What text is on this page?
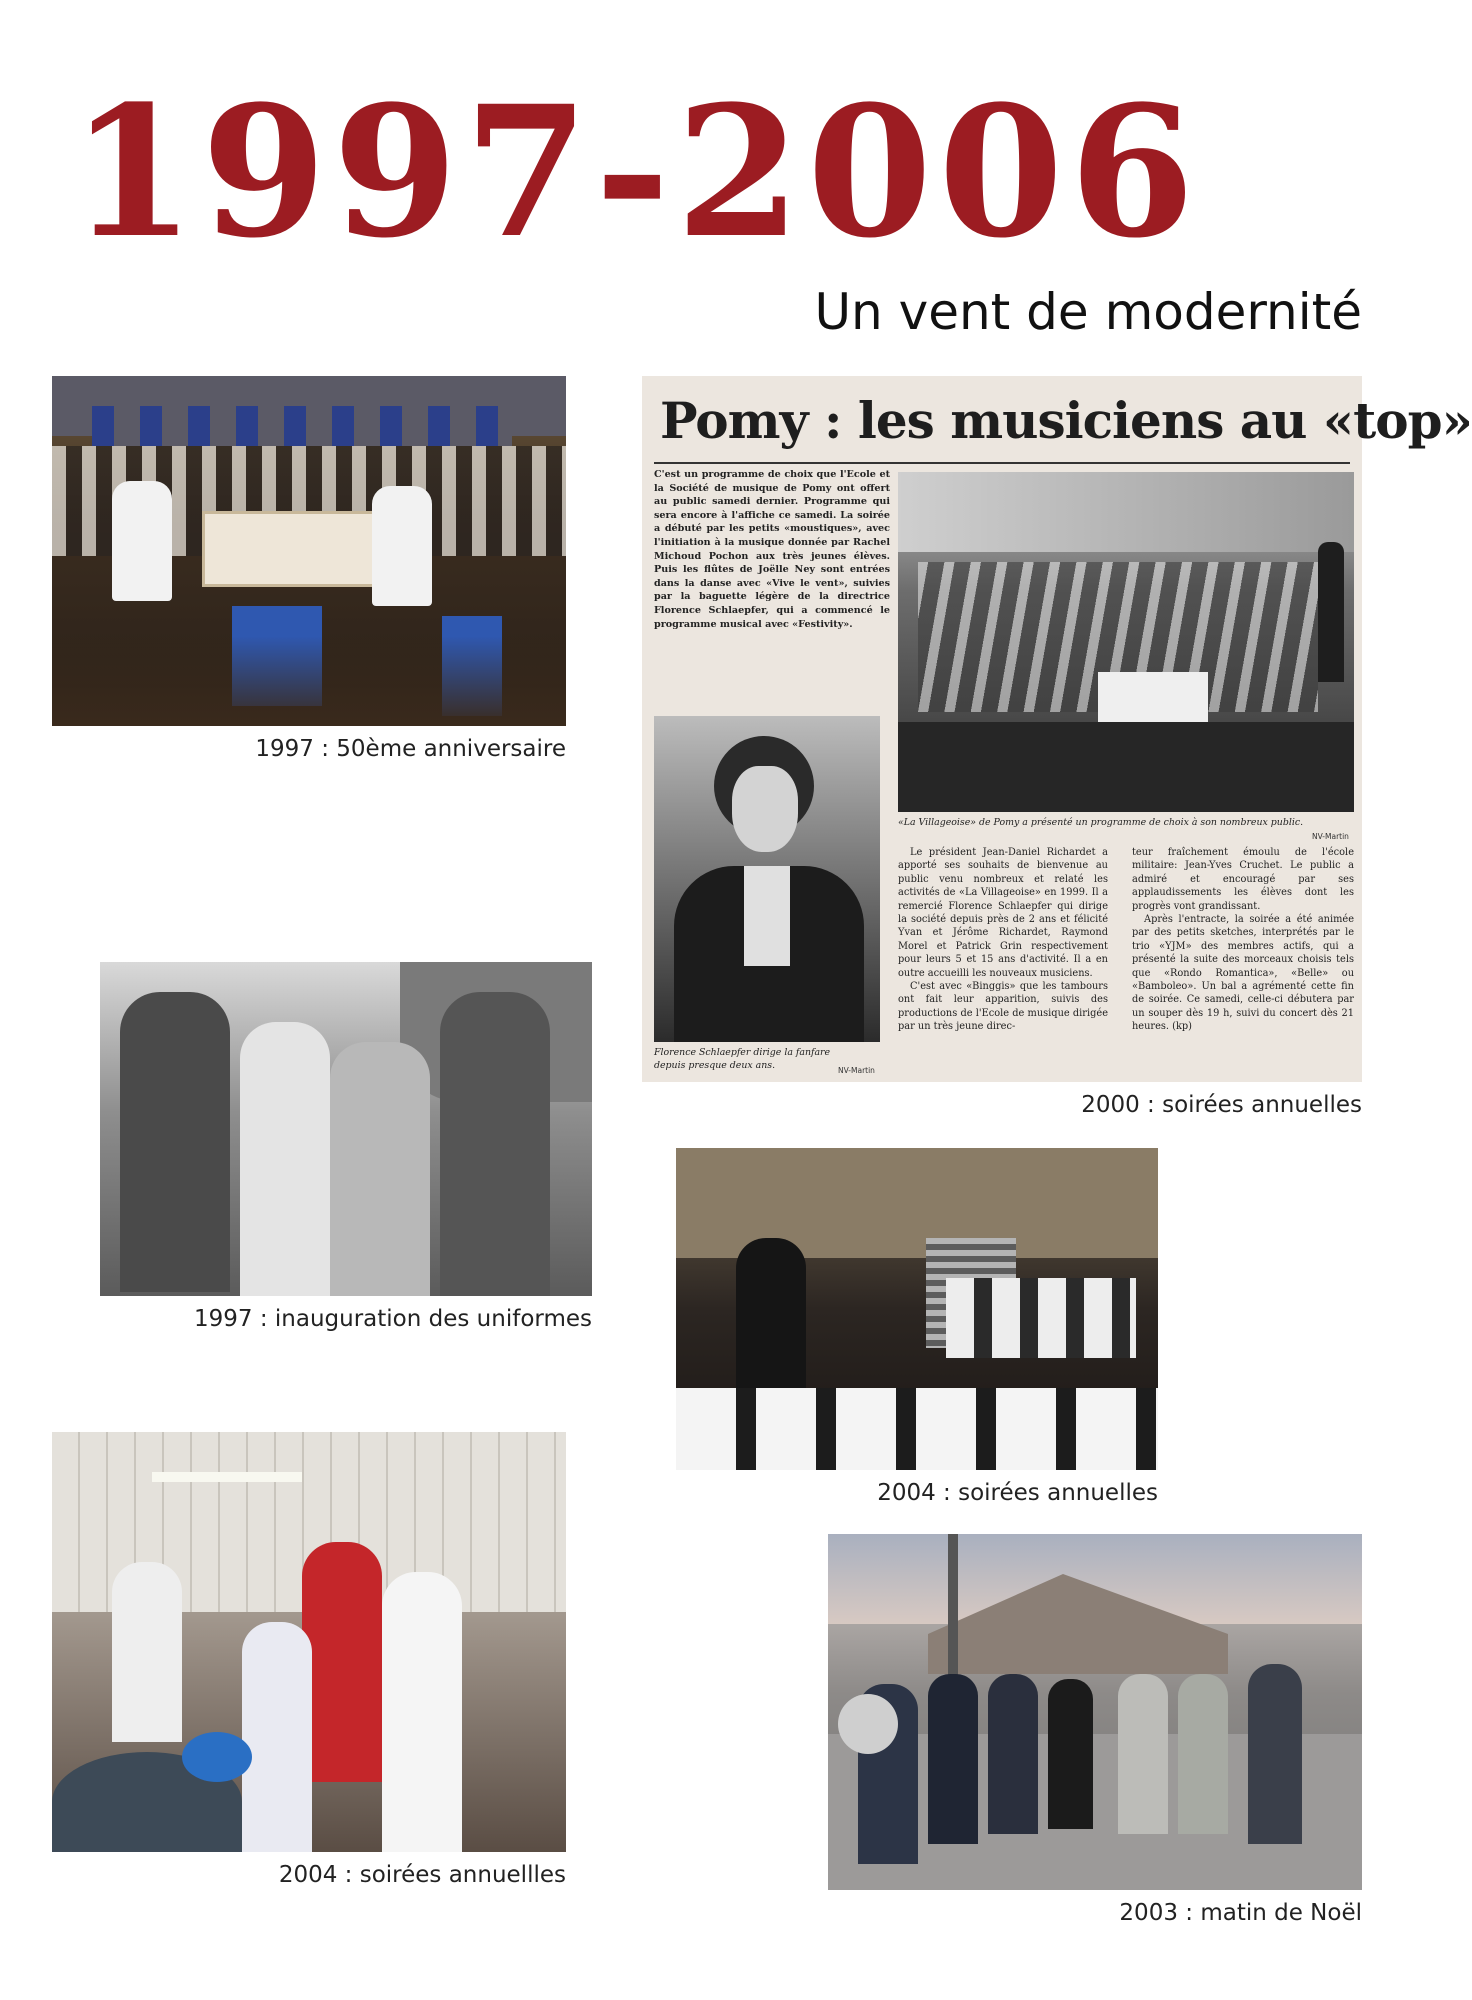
1997-2006
Un vent de modernité
1997 : 50ème anniversaire
Pomy : les musiciens au «top»
C'est un programme de choix que l'Ecole et la Société de musique de Pomy ont offert au public samedi dernier. Programme qui sera encore à l'affiche ce samedi. La soirée a débuté par les petits «moustiques», avec l'initiation à la musique donnée par Rachel Michoud Pochon aux très jeunes élèves. Puis les flûtes de Joëlle Ney sont entrées dans la danse avec «Vive le vent», suivies par la baguette légère de la directrice Florence Schlaepfer, qui a commencé le programme musical avec «Festivity».
«La Villageoise» de Pomy a présenté un programme de choix à son nombreux public.
NV-Martin
Florence Schlaepfer dirige la fanfare depuis presque deux ans.	NV-Martin

Le président Jean-Daniel Richardet a apporté ses souhaits de bienvenue au public venu nombreux et relaté les activités de «La Villageoise» en 1999. Il a remercié Florence Schlaepfer qui dirige la société depuis près de 2 ans et félicité Yvan et Jérôme Richardet, Raymond Morel et Patrick Grin respectivement pour leurs 5 et 15 ans d'activité. Il a en outre accueilli les nouveaux musiciens.

C'est avec «Binggis» que les tambours ont fait leur apparition, suivis des productions de l'Ecole de musique dirigée par un très jeune direc-

teur fraîchement émoulu de l'école militaire: Jean-Yves Cruchet. Le public a admiré et encouragé par ses applaudissements les élèves dont les progrès vont grandissant.

Après l'entracte, la soirée a été animée par des petits sketches, interprétés par le trio «YJM» des membres actifs, qui a présenté la suite des morceaux choisis tels que «Rondo Romantica», «Belle» ou «Bamboleo». Un bal a agrémenté cette fin de soirée. Ce samedi, celle-ci débutera par un souper dès 19 h, suivi du concert dès 21 heures. (kp)

2000 : soirées annuelles
1997 : inauguration des uniformes
2004 : soirées annuelles
2004 : soirées annuellles
2003 : matin de Noël
